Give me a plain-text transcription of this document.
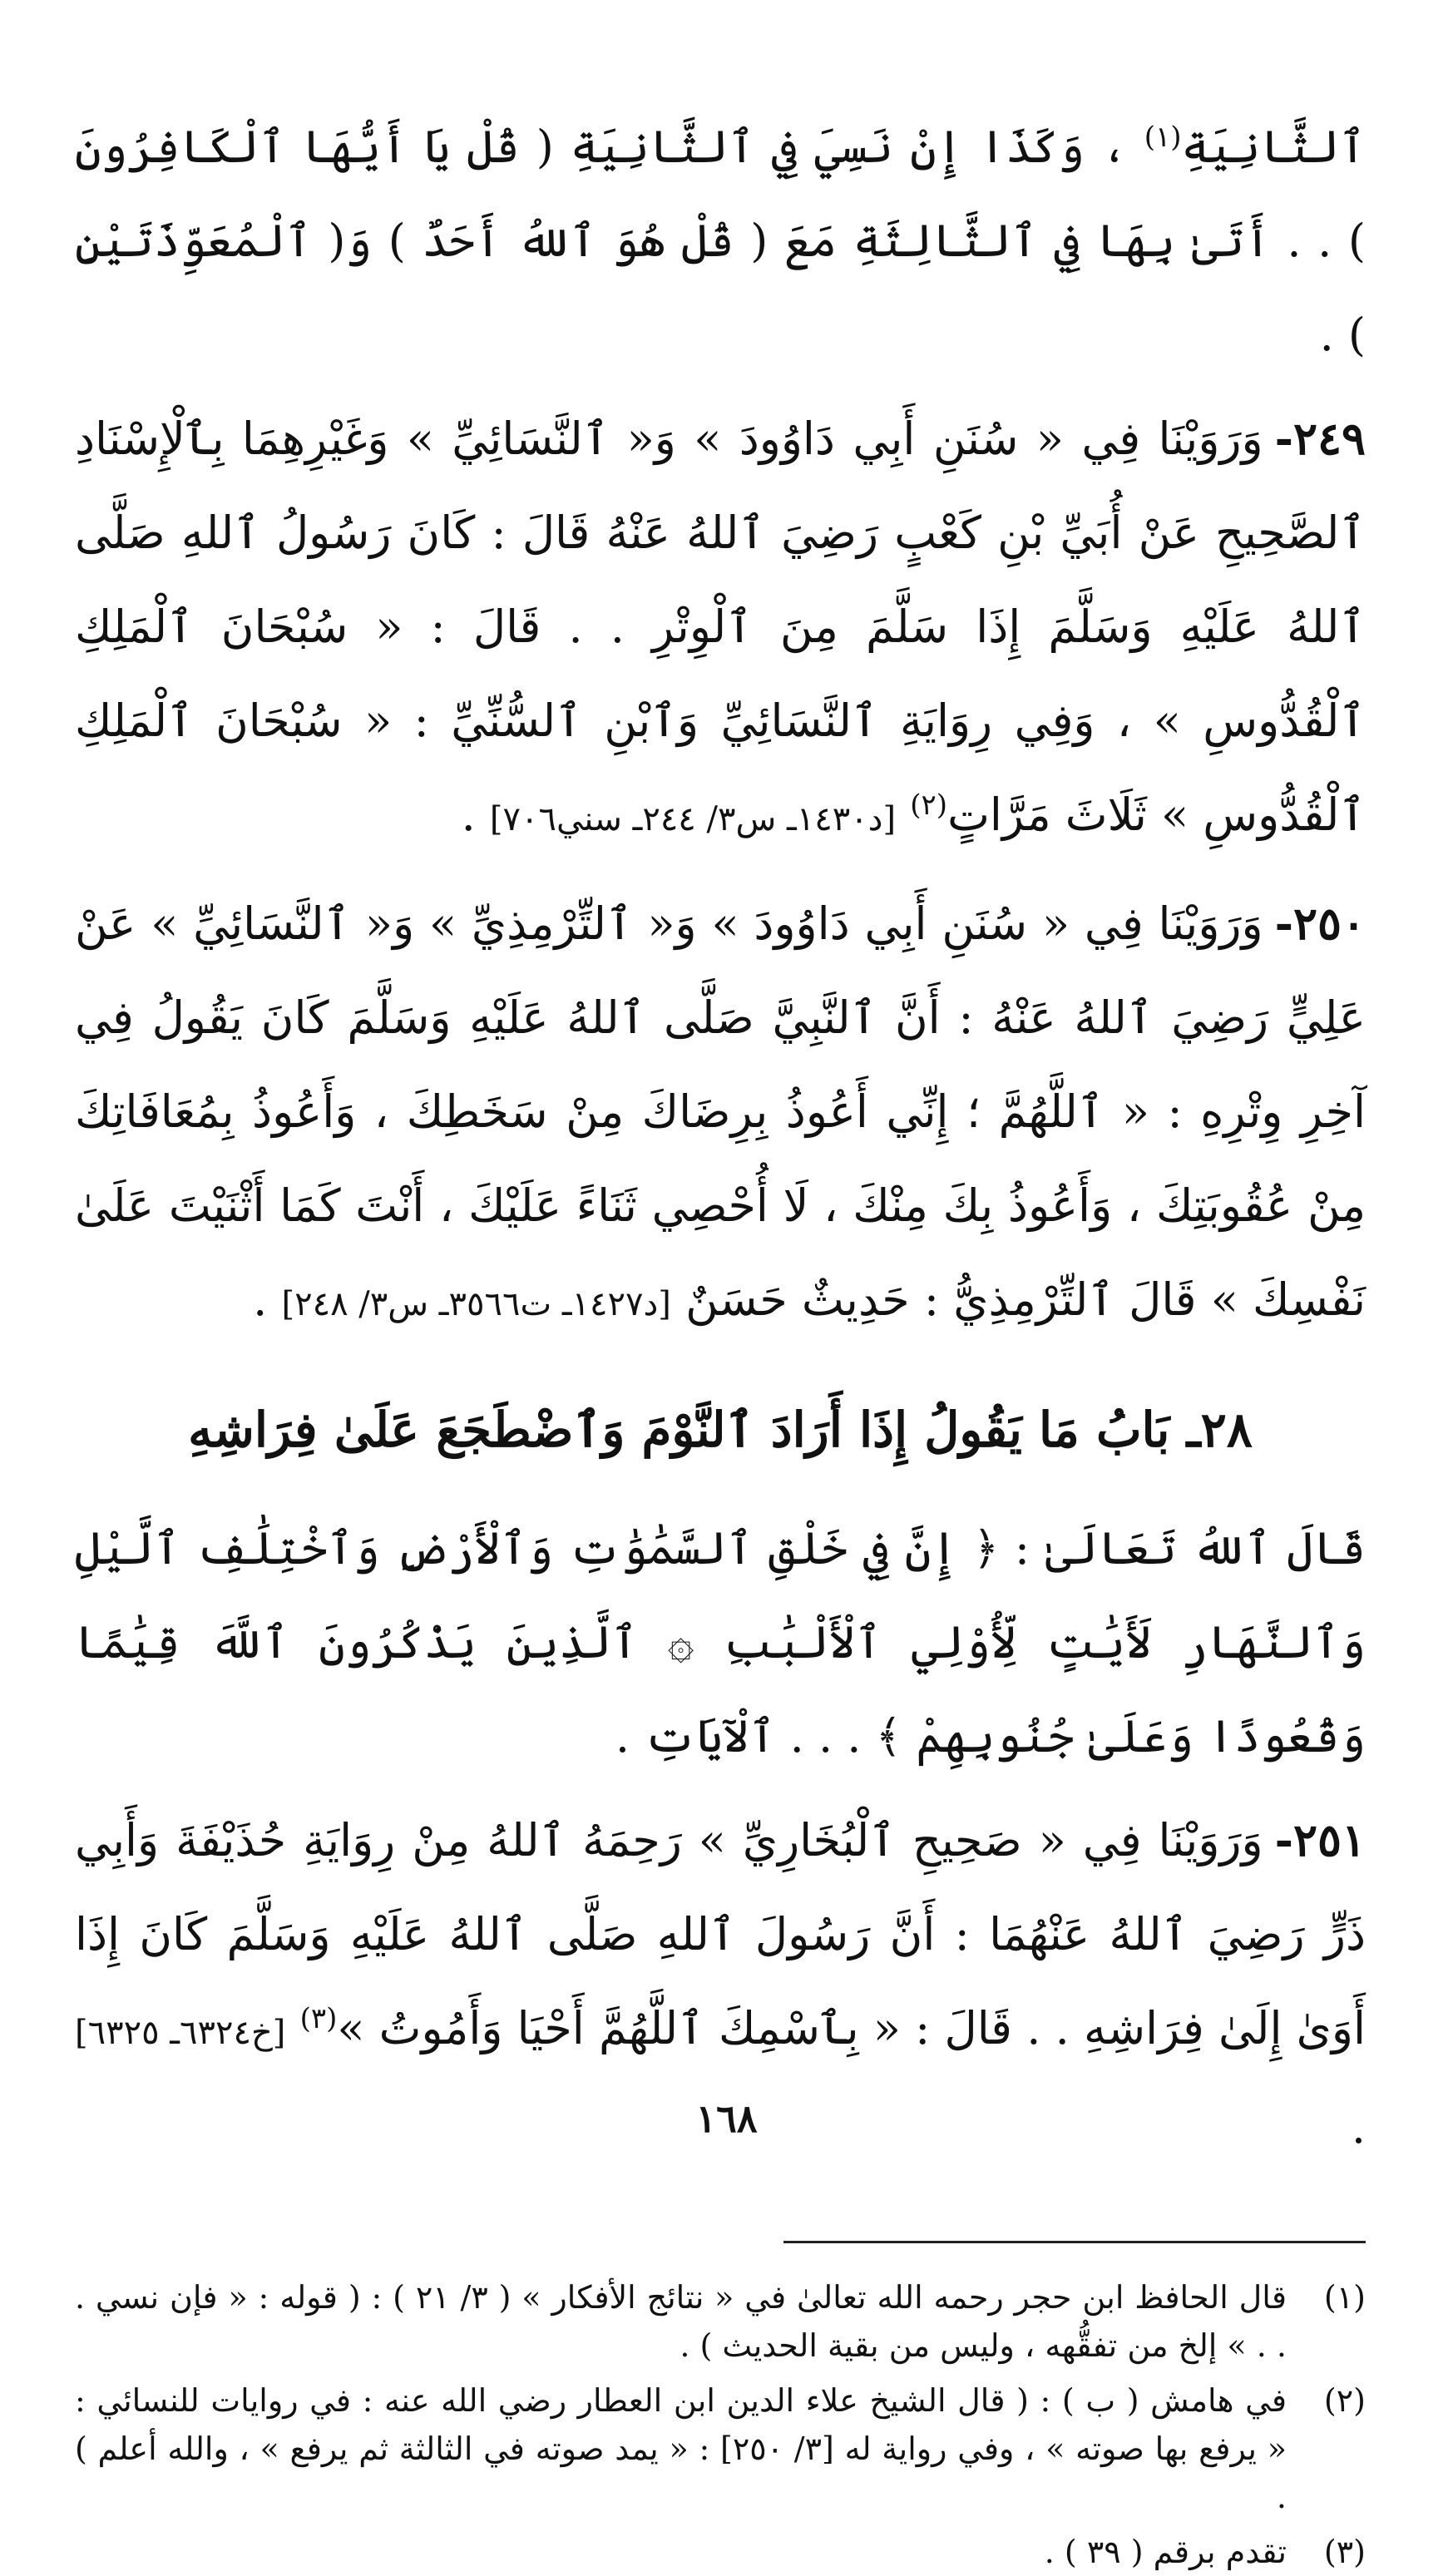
ٱلثَّانِيَةِ$^{(١)}$ ، وَكَذَا إِنْ نَسِيَ فِي ٱلثَّانِيَةِ ( قُلْ يَا أَيُّهَا ٱلْكَافِرُونَ ) . . أَتَىٰ بِهَا فِي ٱلثَّالِثَةِ مَعَ ( قُلْ هُوَ ٱللهُ أَحَدٌ ) وَ( ٱلْمُعَوِّذَتَيْنِ ) .

٢٤٩-وَرَوَيْنَا فِي « سُنَنِ أَبِي دَاوُودَ » وَ« ٱلنَّسَائِيِّ » وَغَيْرِهِمَا بِٱلْإِسْنَادِ ٱلصَّحِيحِ عَنْ أُبَيِّ بْنِ كَعْبٍ رَضِيَ ٱللهُ عَنْهُ قَالَ : كَانَ رَسُولُ ٱللهِ صَلَّى ٱللهُ عَلَيْهِ وَسَلَّمَ إِذَا سَلَّمَ مِنَ ٱلْوِتْرِ . . قَالَ : « سُبْحَانَ ٱلْمَلِكِ ٱلْقُدُّوسِ » ، وَفِي رِوَايَةِ ٱلنَّسَائِيِّ وَٱبْنِ ٱلسُّنِّيِّ : « سُبْحَانَ ٱلْمَلِكِ ٱلْقُدُّوسِ » ثَلَاثَ مَرَّاتٍ$^{(٢)}$ [د١٤٣٠ـ س٣/ ٢٤٤ـ سني٧٠٦] .

٢٥٠-وَرَوَيْنَا فِي « سُنَنِ أَبِي دَاوُودَ » وَ« ٱلتِّرْمِذِيِّ » وَ« ٱلنَّسَائِيِّ » عَنْ عَلِيٍّ رَضِيَ ٱللهُ عَنْهُ : أَنَّ ٱلنَّبِيَّ صَلَّى ٱللهُ عَلَيْهِ وَسَلَّمَ كَانَ يَقُولُ فِي آخِرِ وِتْرِهِ : « ٱللَّهُمَّ ؛ إِنِّي أَعُوذُ بِرِضَاكَ مِنْ سَخَطِكَ ، وَأَعُوذُ بِمُعَافَاتِكَ مِنْ عُقُوبَتِكَ ، وَأَعُوذُ بِكَ مِنْكَ ، لَا أُحْصِي ثَنَاءً عَلَيْكَ ، أَنْتَ كَمَا أَثْنَيْتَ عَلَىٰ نَفْسِكَ » قَالَ ٱلتِّرْمِذِيُّ : حَدِيثٌ حَسَنٌ [د١٤٢٧ـ ت٣٥٦٦ـ س٣/ ٢٤٨] .

٢٨ـ بَابُ مَا يَقُولُ إِذَا أَرَادَ ٱلنَّوْمَ وَٱضْطَجَعَ عَلَىٰ فِرَاشِهِ

قَالَ ٱللهُ تَعَالَىٰ : ﴿ إِنَّ فِي خَلْقِ ٱلسَّمَٰوَٰتِ وَٱلْأَرْضِ وَٱخْتِلَٰفِ ٱلَّيْلِ وَٱلنَّهَارِ لَأَيَٰتٍ لِّأُوْلِي ٱلْأَلْبَٰبِ ۞ ٱلَّذِينَ يَذْكُرُونَ ٱللَّهَ قِيَٰمًا وَقُعُودًا وَعَلَىٰ جُنُوبِهِمْ ﴾ . . . ٱلْآيَاتِ .

٢٥١-وَرَوَيْنَا فِي « صَحِيحِ ٱلْبُخَارِيِّ » رَحِمَهُ ٱللهُ مِنْ رِوَايَةِ حُذَيْفَةَ وَأَبِي ذَرٍّ رَضِيَ ٱللهُ عَنْهُمَا : أَنَّ رَسُولَ ٱللهِ صَلَّى ٱللهُ عَلَيْهِ وَسَلَّمَ كَانَ إِذَا أَوَىٰ إِلَىٰ فِرَاشِهِ . . قَالَ : « بِٱسْمِكَ ٱللَّهُمَّ أَحْيَا وَأَمُوتُ »$^{(٣)}$ [خ٦٣٢٤ـ ٦٣٢٥] .

(١)
قال الحافظ ابن حجر رحمه الله تعالىٰ في « نتائج الأفكار » ( ٣/ ٢١ ) : ( قوله : « فإن نسي . . . » إلخ من تفقُّهه ، وليس من بقية الحديث ) .
(٢)
في هامش ( ب ) : ( قال الشيخ علاء الدين ابن العطار رضي الله عنه : في روايات للنسائي : « يرفع بها صوته » ، وفي رواية له [٣/ ٢٥٠] : « يمد صوته في الثالثة ثم يرفع » ، والله أعلم ) .
(٣)
تقدم برقم ( ٣٩ ) .
١٦٨
